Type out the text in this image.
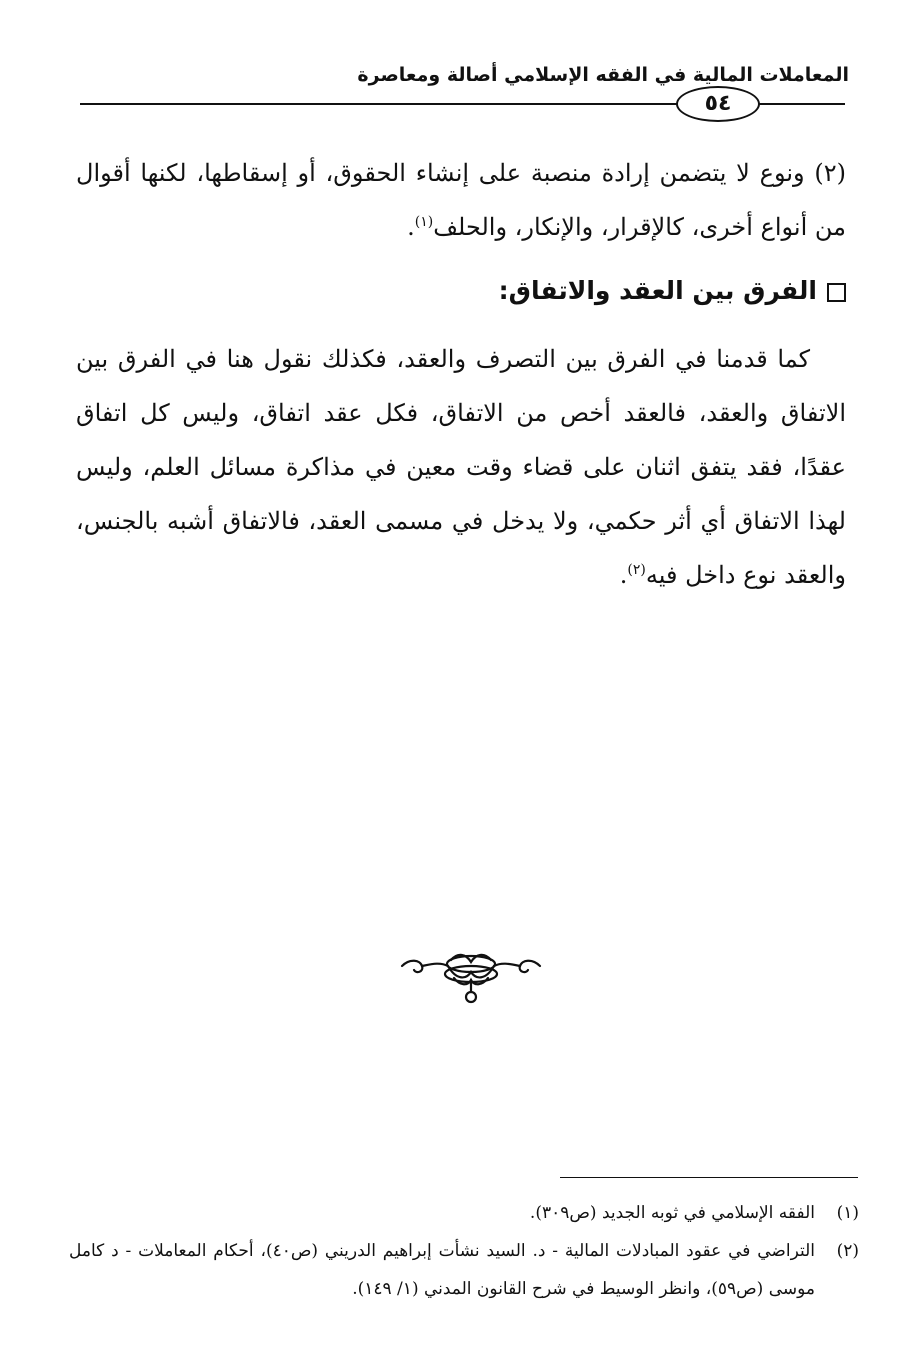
المعاملات المالية في الفقه الإسلامي أصالة ومعاصرة
٥٤

(٢) ونوع لا يتضمن إرادة منصبة على إنشاء الحقوق، أو إسقاطها، لكنها أقوال من أنواع أخرى، كالإقرار، والإنكار، والحلف$^{(١)}$.

الفرق بين العقد والاتفاق:

كما قدمنا في الفرق بين التصرف والعقد، فكذلك نقول هنا في الفرق بين الاتفاق والعقد، فالعقد أخص من الاتفاق، فكل عقد اتفاق، وليس كل اتفاق عقدًا، فقد يتفق اثنان على قضاء وقت معين في مذاكرة مسائل العلم، وليس لهذا الاتفاق أي أثر حكمي، ولا يدخل في مسمى العقد، فالاتفاق أشبه بالجنس، والعقد نوع داخل فيه$^{(٢)}$.

(١)
الفقه الإسلامي في ثوبه الجديد (ص٣٠٩).
(٢)
التراضي في عقود المبادلات المالية - د. السيد نشأت إبراهيم الدريني (ص٤٠)، أحكام المعاملات - د كامل موسى (ص٥٩)، وانظر الوسيط في شرح القانون المدني (١/ ١٤٩).
